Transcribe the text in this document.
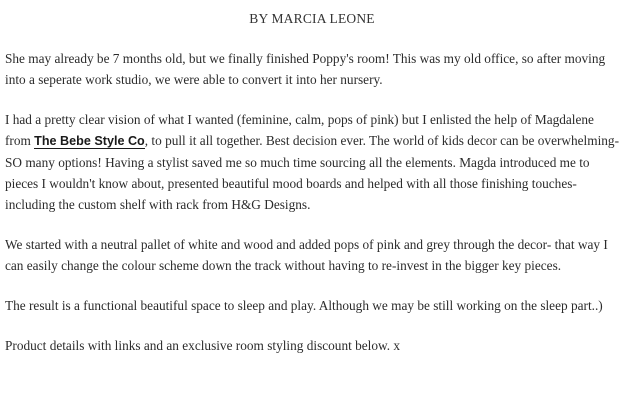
BY MARCIA LEONE

She may already be 7 months old, but we finally finished Poppy's room! This was my old office, so after moving into a seperate work studio, we were able to convert it into her nursery.

I had a pretty clear vision of what I wanted (feminine, calm, pops of pink) but I enlisted the help of Magdalene from The Bebe Style Co, to pull it all together. Best decision ever. The world of kids decor can be overwhelming- SO many options! Having a stylist saved me so much time sourcing all the elements. Magda introduced me to pieces I wouldn't know about, presented beautiful mood boards and helped with all those finishing touches- including the custom shelf with rack from H&G Designs.

We started with a neutral pallet of white and wood and added pops of pink and grey through the decor- that way I can easily change the colour scheme down the track without having to re-invest in the bigger key pieces.

The result is a functional beautiful space to sleep and play. Although we may be still working on the sleep part..)

Product details with links and an exclusive room styling discount below. x
